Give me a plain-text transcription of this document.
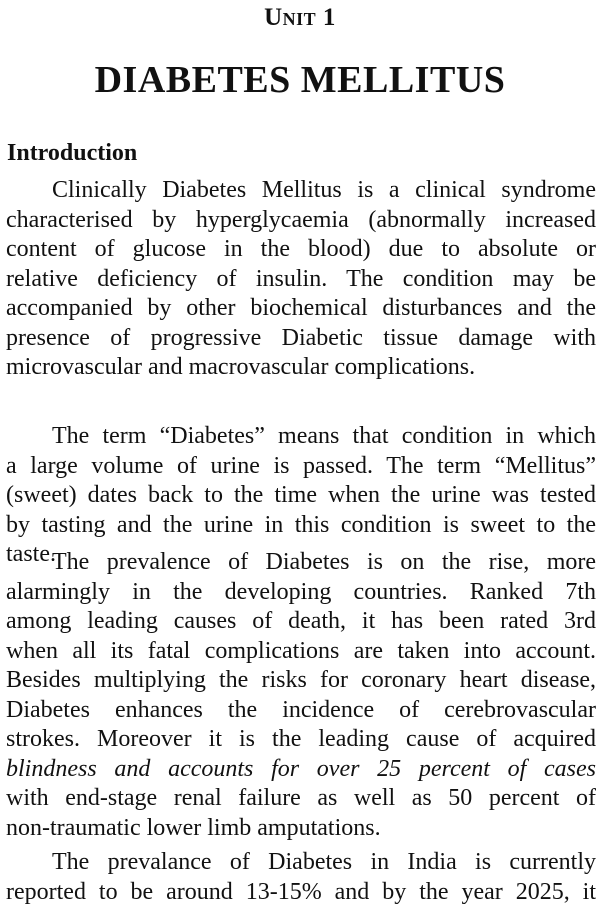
Unit 1
DIABETES MELLITUS
Introduction
Clinically Diabetes Mellitus is a clinical syndrome
characterised by hyperglycaemia (abnormally increased
content of glucose in the blood) due to absolute or
relative deficiency of insulin. The condition may be
accompanied by other biochemical disturbances and the
presence of progressive Diabetic tissue damage with
microvascular and macrovascular complications.
The term “Diabetes” means that condition in which
a large volume of urine is passed. The term “Mellitus”
(sweet) dates back to the time when the urine was tested
by tasting and the urine in this condition is sweet to the
taste.
The prevalence of Diabetes is on the rise, more
alarmingly in the developing countries. Ranked 7th
among leading causes of death, it has been rated 3rd
when all its fatal complications are taken into account.
Besides multiplying the risks for coronary heart disease,
Diabetes enhances the incidence of cerebrovascular
strokes. Moreover it is the leading cause of acquired
blindness and accounts for over 25 percent of cases
with end-stage renal failure as well as 50 percent of
non-traumatic lower limb amputations.
The prevalance of Diabetes in India is currently
reported to be around 13-15% and by the year 2025, it
